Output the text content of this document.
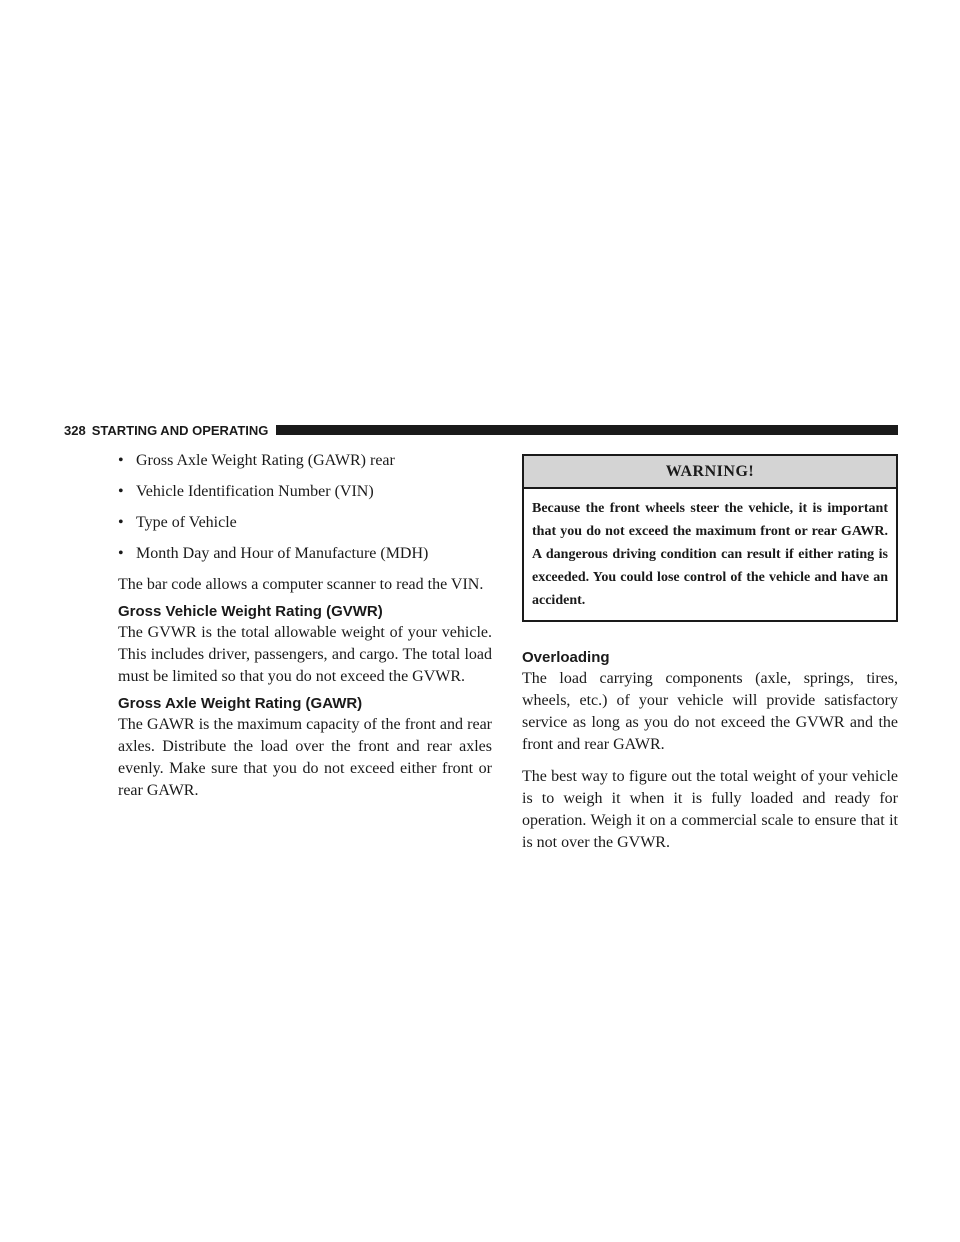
328 STARTING AND OPERATING
• Gross Axle Weight Rating (GAWR) rear
• Vehicle Identification Number (VIN)
• Type of Vehicle
• Month Day and Hour of Manufacture (MDH)

The bar code allows a computer scanner to read the VIN.

Gross Vehicle Weight Rating (GVWR)

The GVWR is the total allowable weight of your vehicle. This includes driver, passengers, and cargo. The total load must be limited so that you do not exceed the GVWR.

Gross Axle Weight Rating (GAWR)

The GAWR is the maximum capacity of the front and rear axles. Distribute the load over the front and rear axles evenly. Make sure that you do not exceed either front or rear GAWR.

WARNING!
Because the front wheels steer the vehicle, it is important that you do not exceed the maximum front or rear GAWR. A dangerous driving condition can result if either rating is exceeded. You could lose control of the vehicle and have an accident.
Overloading

The load carrying components (axle, springs, tires, wheels, etc.) of your vehicle will provide satisfactory service as long as you do not exceed the GVWR and the front and rear GAWR.

The best way to figure out the total weight of your vehicle is to weigh it when it is fully loaded and ready for operation. Weigh it on a commercial scale to ensure that it is not over the GVWR.
